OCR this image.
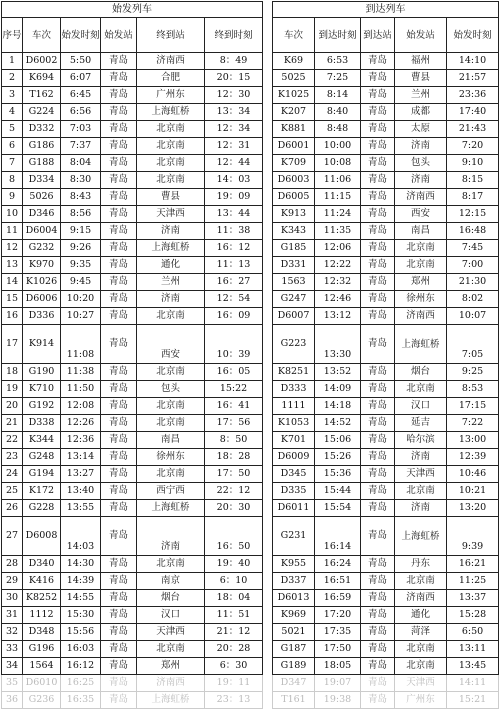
始发列车					
序号	车次	始发时刻	始发站	终到站	终到时刻
1	D6002	5:50	青岛	济南西	8：49
2	K694	6:07	青岛	合肥	20：15
3	T162	6:45	青岛	广州东	12：30
4	G224	6:56	青岛	上海虹桥	13：34
5	D332	7:03	青岛	北京南	12：34
6	G186	7:37	青岛	北京南	12：31
7	G188	8:04	青岛	北京南	12：44
8	D334	8:30	青岛	北京南	14：03
9	5026	8:43	青岛	曹县	19：09
10	D346	8:56	青岛	天津西	13：44
11	D6004	9:15	青岛	济南	11：38
12	G232	9:26	青岛	上海虹桥	16：12
13	K970	9:35	青岛	通化	11：13
14	K1026	9:45	青岛	兰州	16：27
15	D6006	10:20	青岛	济南	12：54
16	D336	10:27	青岛	北京南	16：09
17	K914	11:08	青岛	西安	10：39
18	G190	11:38	青岛	北京南	16：05
19	K710	11:50	青岛	包头	15:22
20	G192	12:08	青岛	北京南	16：41
21	D338	12:26	青岛	北京南	17：56
22	K344	12:36	青岛	南昌	8：50
23	G248	13:14	青岛	徐州东	18：28
24	G194	13:27	青岛	北京南	17：50
25	K172	13:40	青岛	西宁西	22：12
26	G228	13:55	青岛	上海虹桥	20：30
27	D6008	14:03	青岛	济南	16：50
28	D340	14:30	青岛	北京南	19：40
29	K416	14:39	青岛	南京	6：10
30	K8252	14:55	青岛	烟台	18：04
31	1112	15:30	青岛	汉口	11：51
32	D348	15:56	青岛	天津西	21：12
33	G196	16:03	青岛	北京南	20：28
34	1564	16:12	青岛	郑州	6：30
35	D6010	16:25	青岛	济南西	19：11
36	G236	16:35	青岛	上海虹桥	23：13
到达列车				
车次	到达时刻	到达站	始发站	始发时刻
K69	6:53	青岛	福州	14:10
5025	7:25	青岛	曹县	21:57
K1025	8:14	青岛	兰州	23:36
K207	8:40	青岛	成都	17:40
K881	8:48	青岛	太原	21:43
D6001	10:00	青岛	济南	7:20
K709	10:08	青岛	包头	9:10
D6003	11:06	青岛	济南	8:15
D6005	11:15	青岛	济南西	8:17
K913	11:24	青岛	西安	12:15
K343	11:35	青岛	南昌	16:48
G185	12:06	青岛	北京南	7:45
D331	12:22	青岛	北京南	7:00
1563	12:32	青岛	郑州	21:30
G247	12:46	青岛	徐州东	8:02
D6007	13:12	青岛	济南西	10:07
G223	13:30	青岛	上海虹桥	7:05
K8251	13:52	青岛	烟台	9:25
D333	14:09	青岛	北京南	8:53
1111	14:18	青岛	汉口	17:15
K1053	14:52	青岛	延吉	7:22
K701	15:06	青岛	哈尔滨	13:00
D6009	15:26	青岛	济南	12:39
D345	15:36	青岛	天津西	10:46
D335	15:44	青岛	北京南	10:21
D6011	15:54	青岛	济南	13:20
G231	16:14	青岛	上海虹桥	9:39
K955	16:24	青岛	丹东	16:21
D337	16:51	青岛	北京南	11:25
D6013	16:59	青岛	济南西	13:37
K969	17:20	青岛	通化	15:28
5021	17:35	青岛	菏泽	6:50
G187	17:50	青岛	北京南	13:11
G189	18:05	青岛	北京南	13:45
D347	19:07	青岛	天津西	14:11
T161	19:38	青岛	广州东	15:21
